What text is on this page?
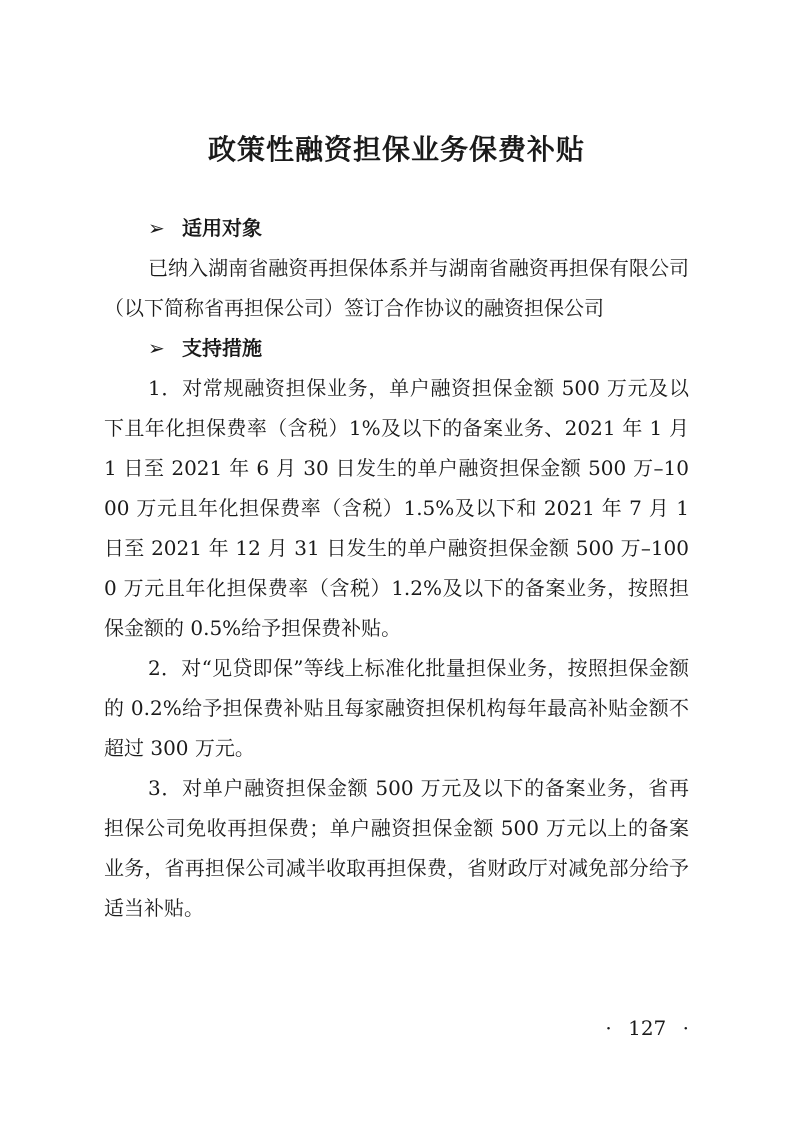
政策性融资担保业务保费补贴
➢ 适用对象

已纳入湖南省融资再担保体系并与湖南省融资再担保有限公司（以下简称省再担保公司）签订合作协议的融资担保公司

➢ 支持措施

1．对常规融资担保业务，单户融资担保金额 500 万元及以下且年化担保费率（含税）1%及以下的备案业务、2021 年 1 月 1 日至 2021 年 6 月 30 日发生的单户融资担保金额 500 万–1000 万元且年化担保费率（含税）1.5%及以下和 2021 年 7 月 1 日至 2021 年 12 月 31 日发生的单户融资担保金额 500 万–1000 万元且年化担保费率（含税）1.2%及以下的备案业务，按照担保金额的 0.5%给予担保费补贴。

2．对“见贷即保”等线上标准化批量担保业务，按照担保金额的 0.2%给予担保费补贴且每家融资担保机构每年最高补贴金额不超过 300 万元。

3．对单户融资担保金额 500 万元及以下的备案业务，省再担保公司免收再担保费；单户融资担保金额 500 万元以上的备案业务，省再担保公司减半收取再担保费，省财政厅对减免部分给予适当补贴。

· 127 ·
